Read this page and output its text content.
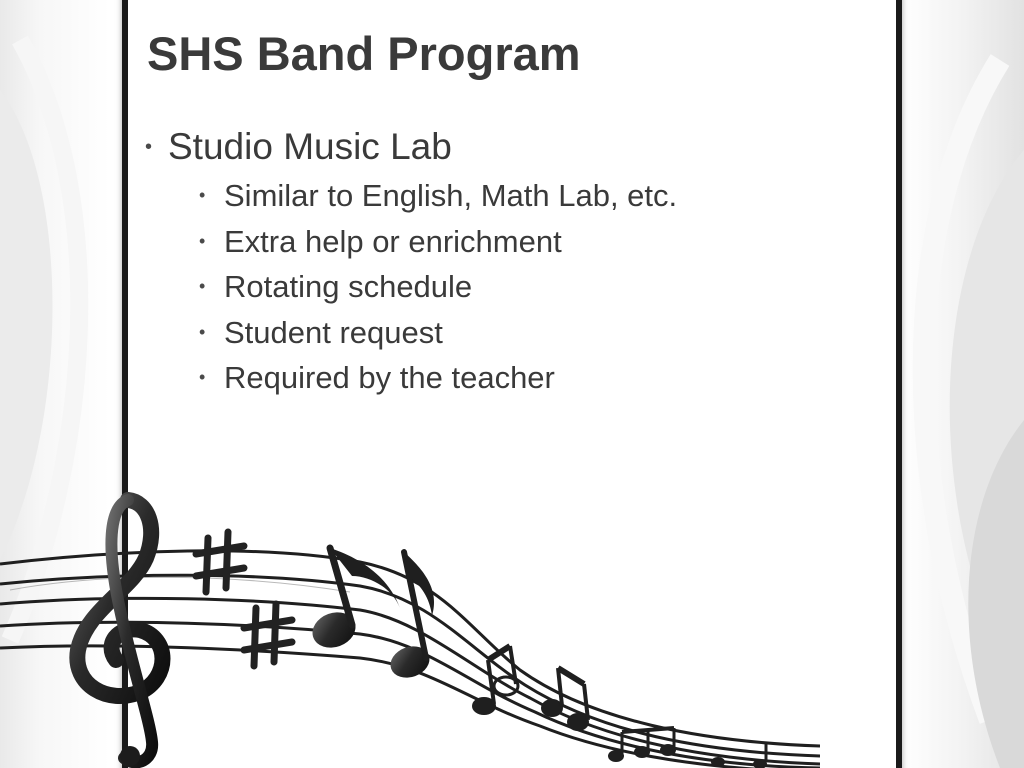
SHS Band Program
• Studio Music Lab
• Similar to English, Math Lab, etc.
• Extra help or enrichment
• Rotating schedule
• Student request
• Required by the teacher
